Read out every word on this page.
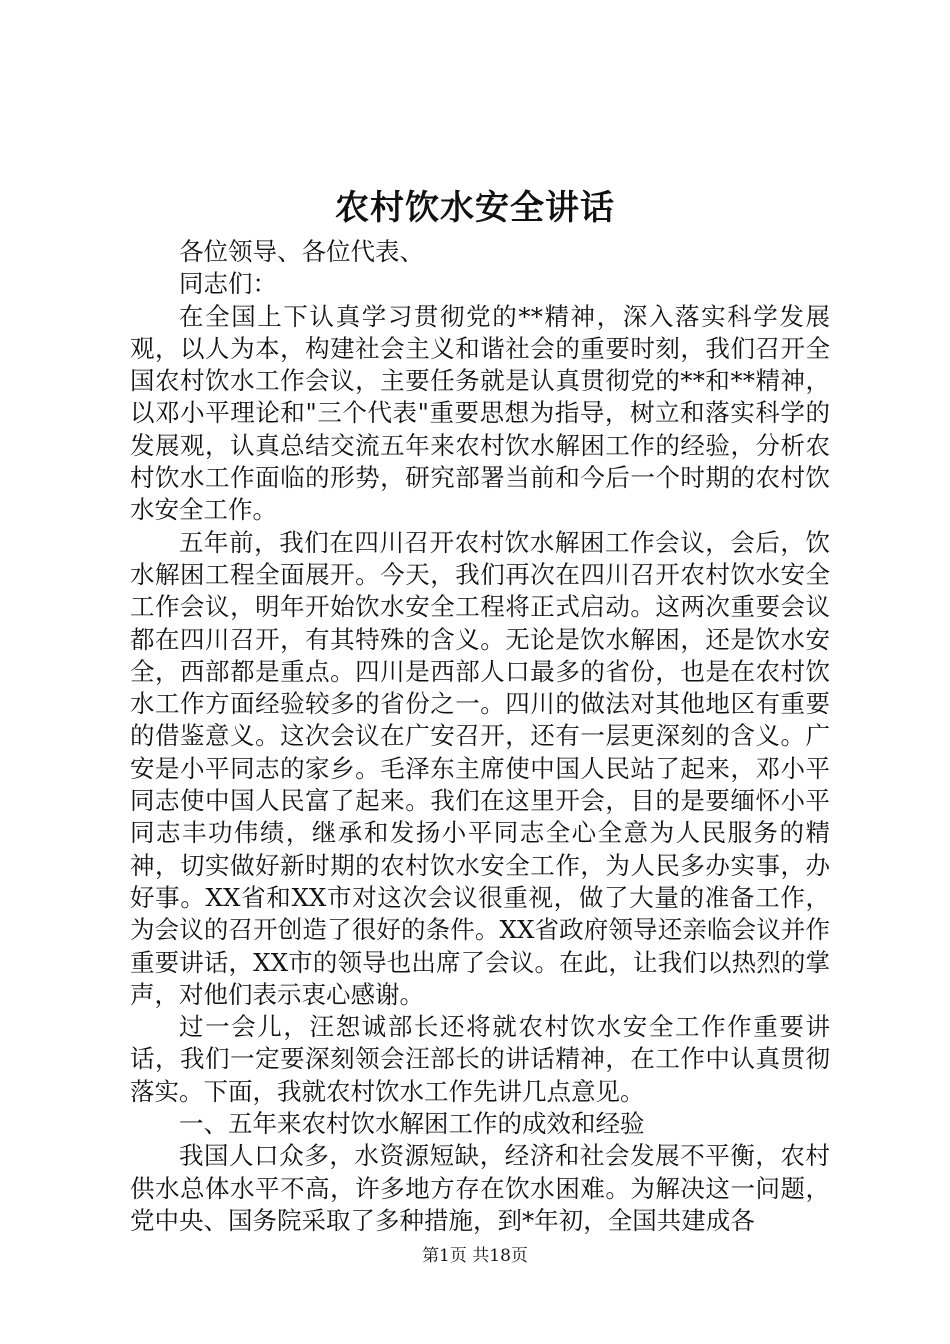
农村饮水安全讲话

各位领导、各位代表、

同志们：

在全国上下认真学习贯彻党的**精神，深入落实科学发展观，以人为本，构建社会主义和谐社会的重要时刻，我们召开全国农村饮水工作会议，主要任务就是认真贯彻党的**和**精神，以邓小平理论和"三个代表"重要思想为指导，树立和落实科学的发展观，认真总结交流五年来农村饮水解困工作的经验，分析农村饮水工作面临的形势，研究部署当前和今后一个时期的农村饮水安全工作。

五年前，我们在四川召开农村饮水解困工作会议，会后，饮水解困工程全面展开。今天，我们再次在四川召开农村饮水安全工作会议，明年开始饮水安全工程将正式启动。这两次重要会议都在四川召开，有其特殊的含义。无论是饮水解困，还是饮水安全，西部都是重点。四川是西部人口最多的省份，也是在农村饮水工作方面经验较多的省份之一。四川的做法对其他地区有重要的借鉴意义。这次会议在广安召开，还有一层更深刻的含义。广安是小平同志的家乡。毛泽东主席使中国人民站了起来，邓小平同志使中国人民富了起来。我们在这里开会，目的是要缅怀小平同志丰功伟绩，继承和发扬小平同志全心全意为人民服务的精神，切实做好新时期的农村饮水安全工作，为人民多办实事，办好事。XX省和XX市对这次会议很重视，做了大量的准备工作，为会议的召开创造了很好的条件。XX省政府领导还亲临会议并作重要讲话，XX市的领导也出席了会议。在此，让我们以热烈的掌声，对他们表示衷心感谢。

过一会儿，汪恕诚部长还将就农村饮水安全工作作重要讲话，我们一定要深刻领会汪部长的讲话精神，在工作中认真贯彻落实。下面，我就农村饮水工作先讲几点意见。

一、五年来农村饮水解困工作的成效和经验

我国人口众多，水资源短缺，经济和社会发展不平衡，农村供水总体水平不高，许多地方存在饮水困难。为解决这一问题，党中央、国务院采取了多种措施，到*年初，全国共建成各

第1页 共18页
